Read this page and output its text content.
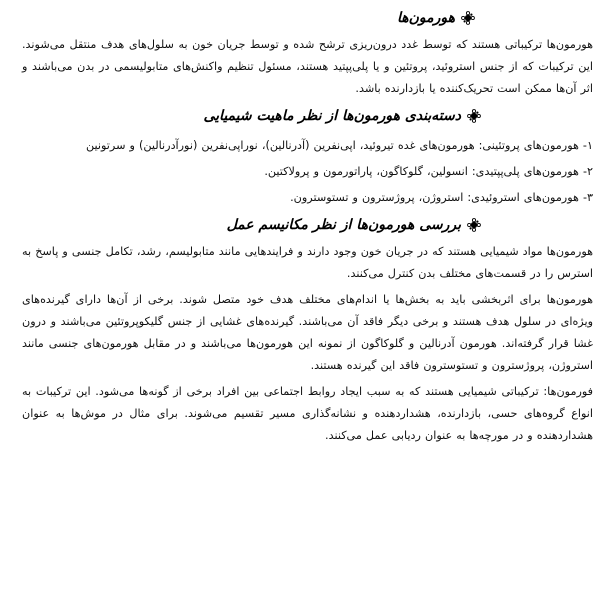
هورمون‌ها

هورمون‌ها ترکیباتی هستند که توسط غدد درون‌ریزی ترشح شده و توسط جریان خون به سلول‌های هدف منتقل می‌شوند. این ترکیبات که از جنس استروئید، پروتئین و یا پلی‌پپتید هستند، مسئول تنظیم واکنش‌های متابولیسمی در بدن می‌باشند و اثر آن‌ها ممکن است تحریک‌کننده یا بازدارنده باشد.

دسته‌بندی هورمون‌ها از نظر ماهیت شیمیایی

۱- هورمون‌های پروتئینی: هورمون‌های غده تیروئید، اپی‌نفرین (آدرنالین)، نوراپی‌نفرین (نورآدرنالین) و سرتونین

۲- هورمون‌های پلی‌پپتیدی: انسولین، گلوکاگون، پاراتورمون و پرولاکتین.

۳- هورمون‌های استروئیدی: استروژن، پروژسترون و تستوسترون.

بررسی هورمون‌ها از نظر مکانیسم عمل

هورمون‌ها مواد شیمیایی هستند که در جریان خون وجود دارند و فرایندهایی مانند متابولیسم، رشد، تکامل جنسی و پاسخ به استرس را در قسمت‌های مختلف بدن کنترل می‌کنند.

هورمون‌ها برای اثربخشی باید به بخش‌ها یا اندام‌های مختلف هدف خود متصل شوند. برخی از آن‌ها دارای گیرنده‌های ویژه‌ای در سلول هدف هستند و برخی دیگر فاقد آن می‌باشند. گیرنده‌های غشایی از جنس گلیکوپروتئین می‌باشند و درون غشا قرار گرفته‌اند. هورمون آدرنالین و گلوکاگون از نمونه این هورمون‌ها می‌باشند و در مقابل هورمون‌های جنسی مانند استروژن، پروژسترون و تستوسترون فاقد این گیرنده هستند.

فورمون‌ها: ترکیباتی شیمیایی هستند که به سبب ایجاد روابط اجتماعی بین افراد برخی از گونه‌ها می‌شود. این ترکیبات به انواع گروه‌های حسی، بازدارنده، هشداردهنده و نشانه‌گذاری مسیر تقسیم می‌شوند. برای مثال در موش‌ها به عنوان هشداردهنده و در مورچه‌ها به عنوان ردیابی عمل می‌کنند.
